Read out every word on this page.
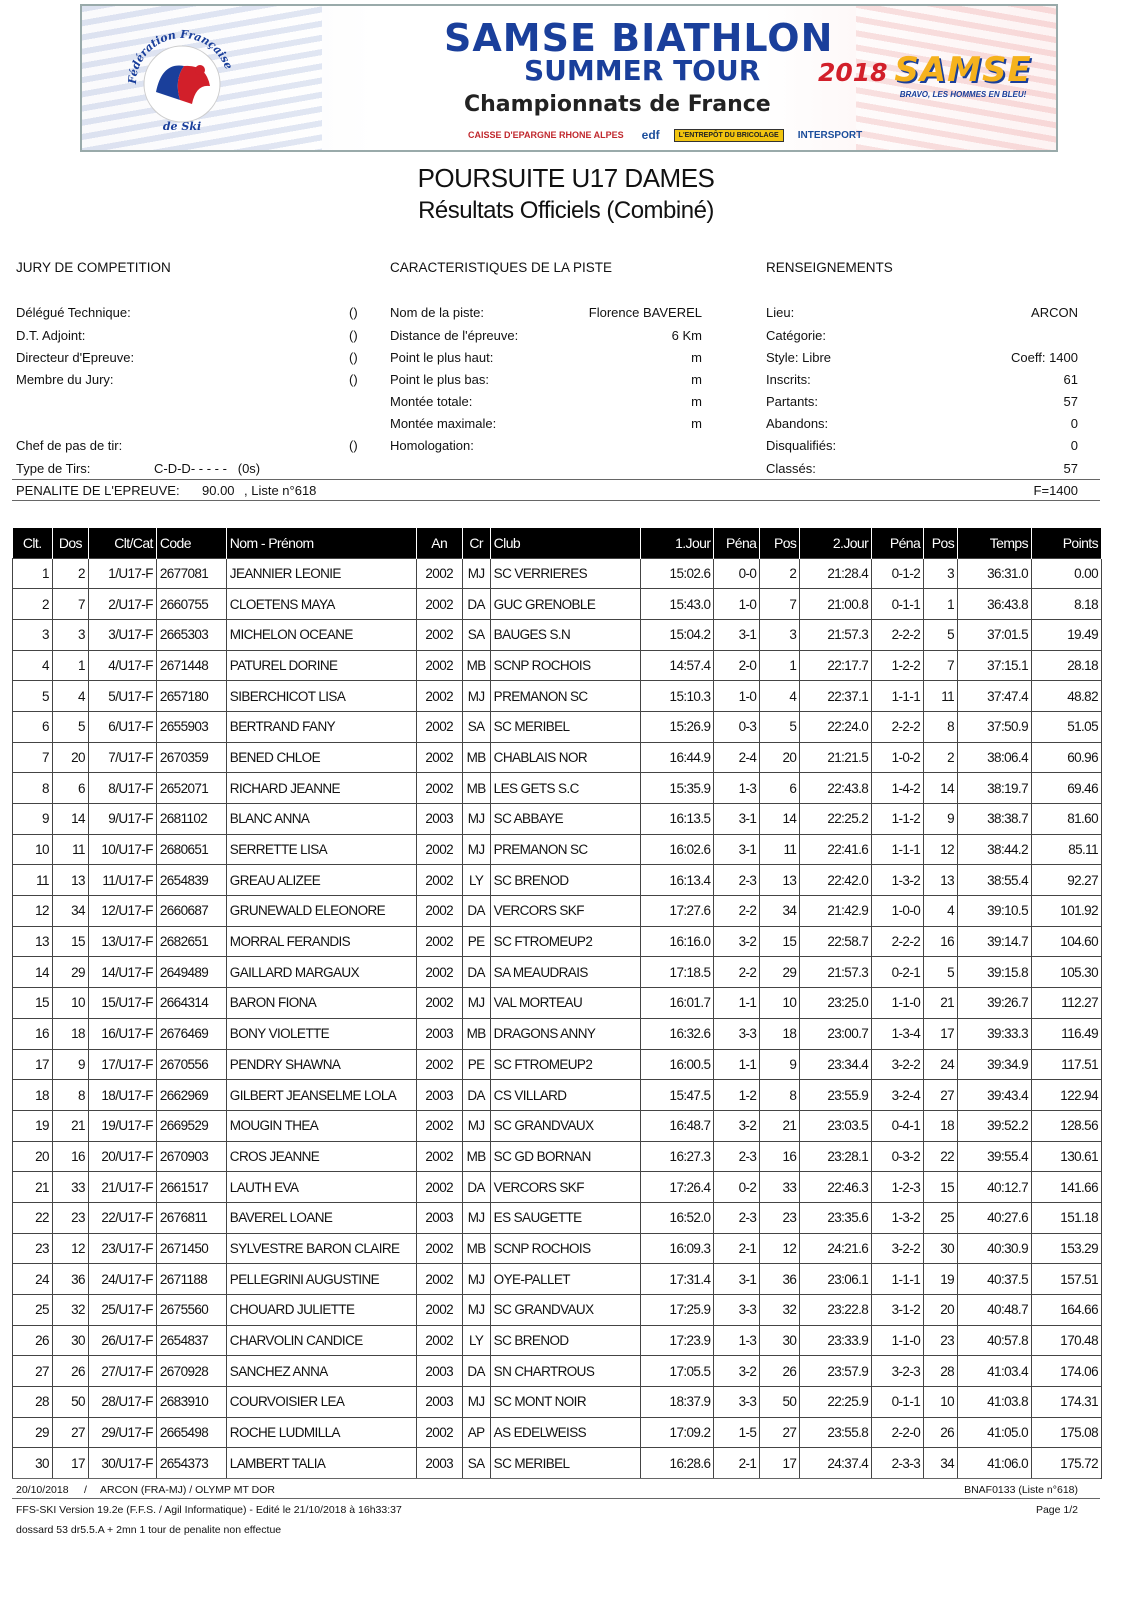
Fédération Française
de Ski
SAMSE BIATHLON
SUMMER TOUR 2018
Championnats de France
CAISSE D'EPARGNE RHONE ALPES	edf	L'ENTREPÔT DU BRICOLAGE	INTERSPORT
SAMSE
BRAVO, LES HOMMES EN BLEU!
POURSUITE U17 DAMES
Résultats Officiels (Combiné)
JURY DE COMPETITION
Délégué Technique:	()
D.T. Adjoint:	()
Directeur d'Epreuve:	()
Membre du Jury:	()
Chef de pas de tir:	()
Type de Tirs:	C-D-D- - - - -   (0s)
CARACTERISTIQUES DE LA PISTE
Nom de la piste:	Florence BAVEREL
Distance de l'épreuve:	6 Km
Point le plus haut:	m
Point le plus bas:	m
Montée totale:	m
Montée maximale:	m
Homologation:
RENSEIGNEMENTS
Lieu:	ARCON
Catégorie:
Style: Libre	Coeff: 1400
Inscrits:	61
Partants:	57
Abandons:	0
Disqualifiés:	0
Classés:	57
PENALITE DE L'EPREUVE: 90.00 , Liste n°618	F=1400
Clt.	Dos	Clt/Cat	Code	Nom - Prénom	An	Cr	Club	1.Jour	Péna	Pos	2.Jour	Péna	Pos	Temps	Points
1	2	1/U17-F	2677081	JEANNIER LEONIE	2002	MJ	SC VERRIERES	15:02.6	0-0	2	21:28.4	0-1-2	3	36:31.0	0.00
2	7	2/U17-F	2660755	CLOETENS MAYA	2002	DA	GUC GRENOBLE	15:43.0	1-0	7	21:00.8	0-1-1	1	36:43.8	8.18
3	3	3/U17-F	2665303	MICHELON OCEANE	2002	SA	BAUGES S.N	15:04.2	3-1	3	21:57.3	2-2-2	5	37:01.5	19.49
4	1	4/U17-F	2671448	PATUREL DORINE	2002	MB	SCNP ROCHOIS	14:57.4	2-0	1	22:17.7	1-2-2	7	37:15.1	28.18
5	4	5/U17-F	2657180	SIBERCHICOT LISA	2002	MJ	PREMANON SC	15:10.3	1-0	4	22:37.1	1-1-1	11	37:47.4	48.82
6	5	6/U17-F	2655903	BERTRAND FANY	2002	SA	SC MERIBEL	15:26.9	0-3	5	22:24.0	2-2-2	8	37:50.9	51.05
7	20	7/U17-F	2670359	BENED CHLOE	2002	MB	CHABLAIS NOR	16:44.9	2-4	20	21:21.5	1-0-2	2	38:06.4	60.96
8	6	8/U17-F	2652071	RICHARD JEANNE	2002	MB	LES GETS S.C	15:35.9	1-3	6	22:43.8	1-4-2	14	38:19.7	69.46
9	14	9/U17-F	2681102	BLANC ANNA	2003	MJ	SC ABBAYE	16:13.5	3-1	14	22:25.2	1-1-2	9	38:38.7	81.60
10	11	10/U17-F	2680651	SERRETTE LISA	2002	MJ	PREMANON SC	16:02.6	3-1	11	22:41.6	1-1-1	12	38:44.2	85.11
11	13	11/U17-F	2654839	GREAU ALIZEE	2002	LY	SC BRENOD	16:13.4	2-3	13	22:42.0	1-3-2	13	38:55.4	92.27
12	34	12/U17-F	2660687	GRUNEWALD ELEONORE	2002	DA	VERCORS SKF	17:27.6	2-2	34	21:42.9	1-0-0	4	39:10.5	101.92
13	15	13/U17-F	2682651	MORRAL FERANDIS	2002	PE	SC FTROMEUP2	16:16.0	3-2	15	22:58.7	2-2-2	16	39:14.7	104.60
14	29	14/U17-F	2649489	GAILLARD MARGAUX	2002	DA	SA MEAUDRAIS	17:18.5	2-2	29	21:57.3	0-2-1	5	39:15.8	105.30
15	10	15/U17-F	2664314	BARON FIONA	2002	MJ	VAL MORTEAU	16:01.7	1-1	10	23:25.0	1-1-0	21	39:26.7	112.27
16	18	16/U17-F	2676469	BONY VIOLETTE	2003	MB	DRAGONS ANNY	16:32.6	3-3	18	23:00.7	1-3-4	17	39:33.3	116.49
17	9	17/U17-F	2670556	PENDRY SHAWNA	2002	PE	SC FTROMEUP2	16:00.5	1-1	9	23:34.4	3-2-2	24	39:34.9	117.51
18	8	18/U17-F	2662969	GILBERT JEANSELME LOLA	2003	DA	CS VILLARD	15:47.5	1-2	8	23:55.9	3-2-4	27	39:43.4	122.94
19	21	19/U17-F	2669529	MOUGIN THEA	2002	MJ	SC GRANDVAUX	16:48.7	3-2	21	23:03.5	0-4-1	18	39:52.2	128.56
20	16	20/U17-F	2670903	CROS JEANNE	2002	MB	SC GD BORNAN	16:27.3	2-3	16	23:28.1	0-3-2	22	39:55.4	130.61
21	33	21/U17-F	2661517	LAUTH EVA	2002	DA	VERCORS SKF	17:26.4	0-2	33	22:46.3	1-2-3	15	40:12.7	141.66
22	23	22/U17-F	2676811	BAVEREL LOANE	2003	MJ	ES SAUGETTE	16:52.0	2-3	23	23:35.6	1-3-2	25	40:27.6	151.18
23	12	23/U17-F	2671450	SYLVESTRE BARON CLAIRE	2002	MB	SCNP ROCHOIS	16:09.3	2-1	12	24:21.6	3-2-2	30	40:30.9	153.29
24	36	24/U17-F	2671188	PELLEGRINI AUGUSTINE	2002	MJ	OYE-PALLET	17:31.4	3-1	36	23:06.1	1-1-1	19	40:37.5	157.51
25	32	25/U17-F	2675560	CHOUARD JULIETTE	2002	MJ	SC GRANDVAUX	17:25.9	3-3	32	23:22.8	3-1-2	20	40:48.7	164.66
26	30	26/U17-F	2654837	CHARVOLIN CANDICE	2002	LY	SC BRENOD	17:23.9	1-3	30	23:33.9	1-1-0	23	40:57.8	170.48
27	26	27/U17-F	2670928	SANCHEZ ANNA	2003	DA	SN CHARTROUS	17:05.5	3-2	26	23:57.9	3-2-3	28	41:03.4	174.06
28	50	28/U17-F	2683910	COURVOISIER LEA	2003	MJ	SC MONT NOIR	18:37.9	3-3	50	22:25.9	0-1-1	10	41:03.8	174.31
29	27	29/U17-F	2665498	ROCHE LUDMILLA	2002	AP	AS EDELWEISS	17:09.2	1-5	27	23:55.8	2-2-0	26	41:05.0	175.08
30	17	30/U17-F	2654373	LAMBERT TALIA	2003	SA	SC MERIBEL	16:28.6	2-1	17	24:37.4	2-3-3	34	41:06.0	175.72
20/10/2018 / ARCON (FRA-MJ) / OLYMP MT DOR	BNAF0133 (Liste n°618)
FFS-SKI Version 19.2e (F.F.S. / Agil Informatique) - Edité le 21/10/2018 à 16h33:37	Page 1/2
dossard 53 dr5.5.A + 2mn 1 tour de penalite non effectue
